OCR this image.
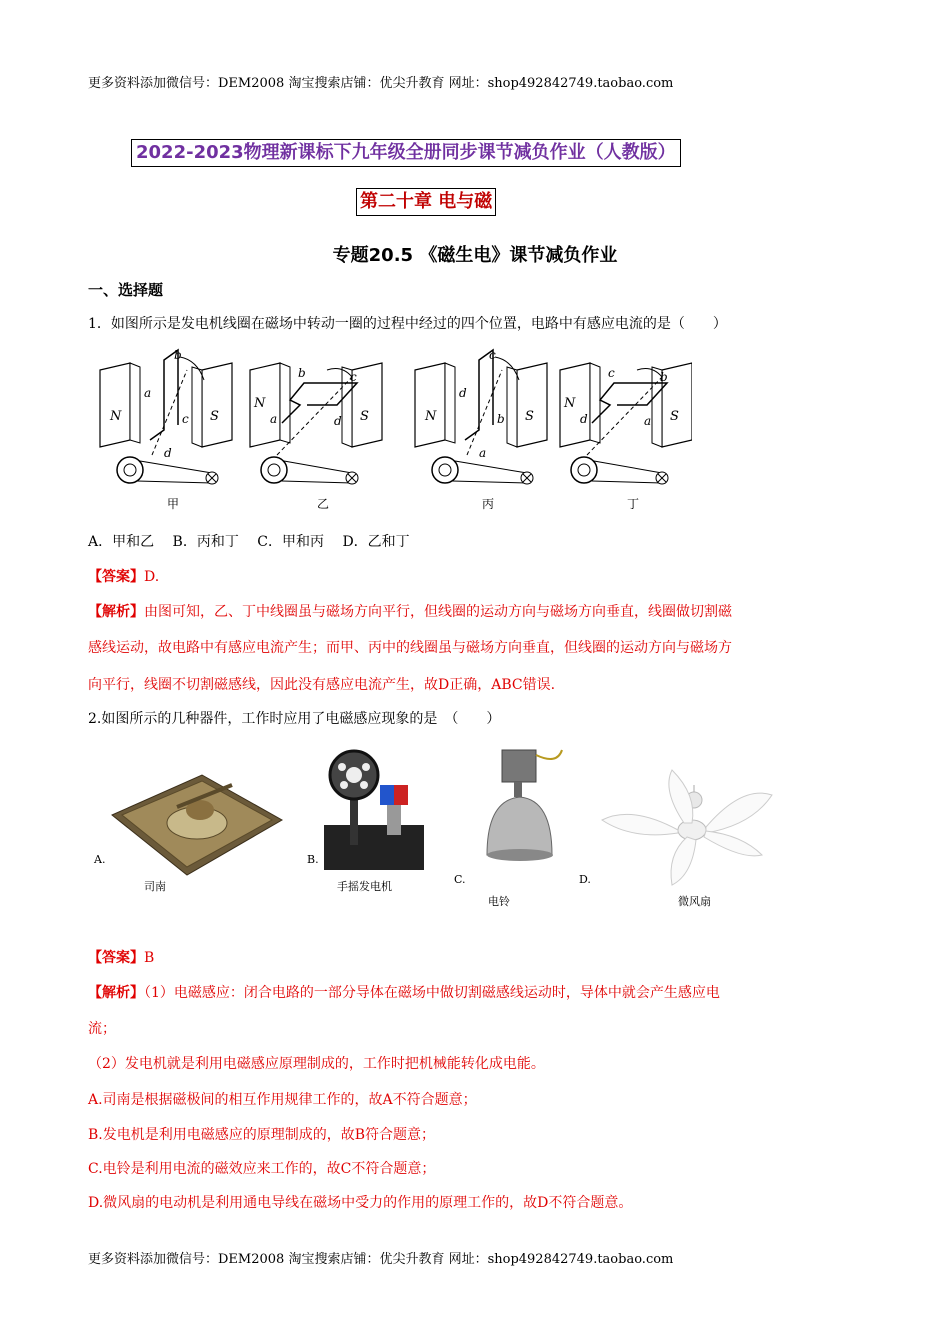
更多资料添加微信号：DEM2008 淘宝搜索店铺：优尖升教育 网址：shop492842749.taobao.com
2022-2023物理新课标下九年级全册同步课节减负作业（人教版）
第二十章 电与磁
专题20.5 《磁生电》课节减负作业
一、选择题
1．如图所示是发电机线圈在磁场中转动一圈的过程中经过的四个位置，电路中有感应电流的是（　　）
N	S
b
a
c
d
甲
N
S
b	c
a	d
乙
N	S
c
d
b
a
丙
N
S
c	b
d	a
丁
A．甲和乙　 B．丙和丁　 C．甲和丙　 D．乙和丁
【答案】D.
【解析】由图可知，乙、丁中线圈虽与磁场方向平行，但线圈的运动方向与磁场方向垂直，线圈做切割磁
感线运动，故电路中有感应电流产生；而甲、丙中的线圈虽与磁场方向垂直，但线圈的运动方向与磁场方
向平行，线圈不切割磁感线，因此没有感应电流产生，故D正确，ABC错误.
2.如图所示的几种器件，工作时应用了电磁感应现象的是　（　　）
A.
司南
B.
手摇发电机
C.
电铃
D.
微风扇
【答案】B
【解析】（1）电磁感应：闭合电路的一部分导体在磁场中做切割磁感线运动时，导体中就会产生感应电
流；
（2）发电机就是利用电磁感应原理制成的，工作时把机械能转化成电能。
A.司南是根据磁极间的相互作用规律工作的，故A不符合题意；
B.发电机是利用电磁感应的原理制成的，故B符合题意；
C.电铃是利用电流的磁效应来工作的，故C不符合题意；
D.微风扇的电动机是利用通电导线在磁场中受力的作用的原理工作的，故D不符合题意。
更多资料添加微信号：DEM2008 淘宝搜索店铺：优尖升教育 网址：shop492842749.taobao.com
